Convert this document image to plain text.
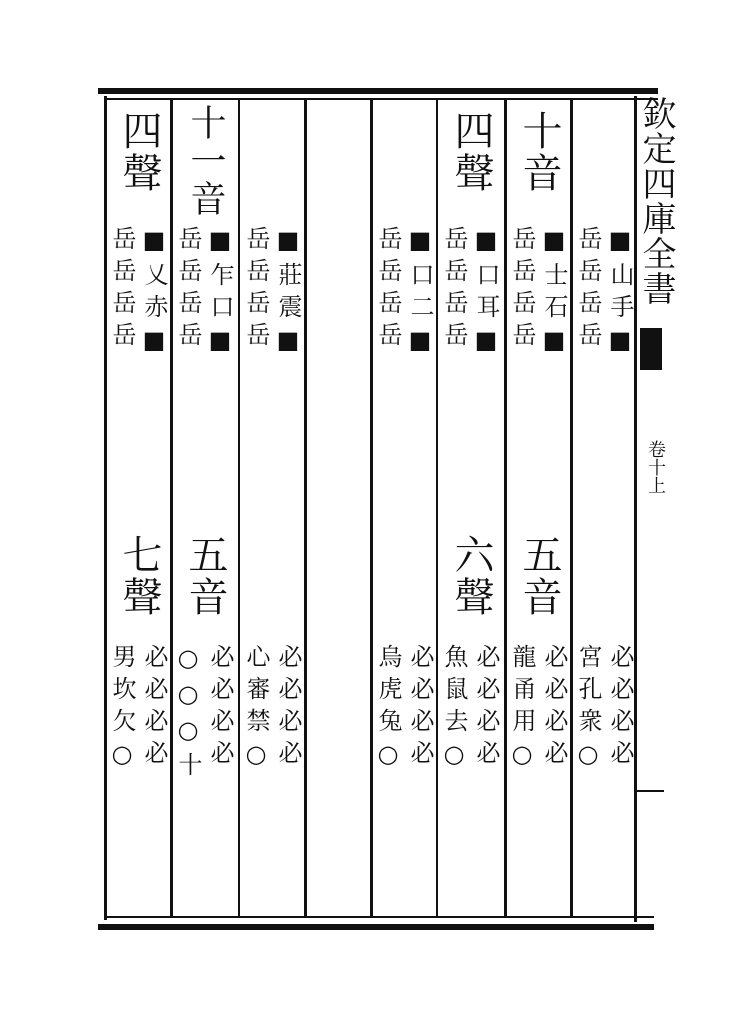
欽定四庫全書
卷十上
■山手■
岳岳岳岳
必必必必
宮孔衆○
十音
■士石■
岳岳岳岳
五音
必必必必
龍甬用○
四聲
■口耳■
岳岳岳岳
六聲
必必必必
魚鼠去○
■口二■
岳岳岳岳
必必必必
烏虎兔○
■莊震■
岳岳岳岳
必必必必
心審禁○
十一音
■乍口■
岳岳岳岳
五音
必必必必
○○○十
四聲
■乂赤■
岳岳岳岳
七聲
必必必必
男坎欠○
